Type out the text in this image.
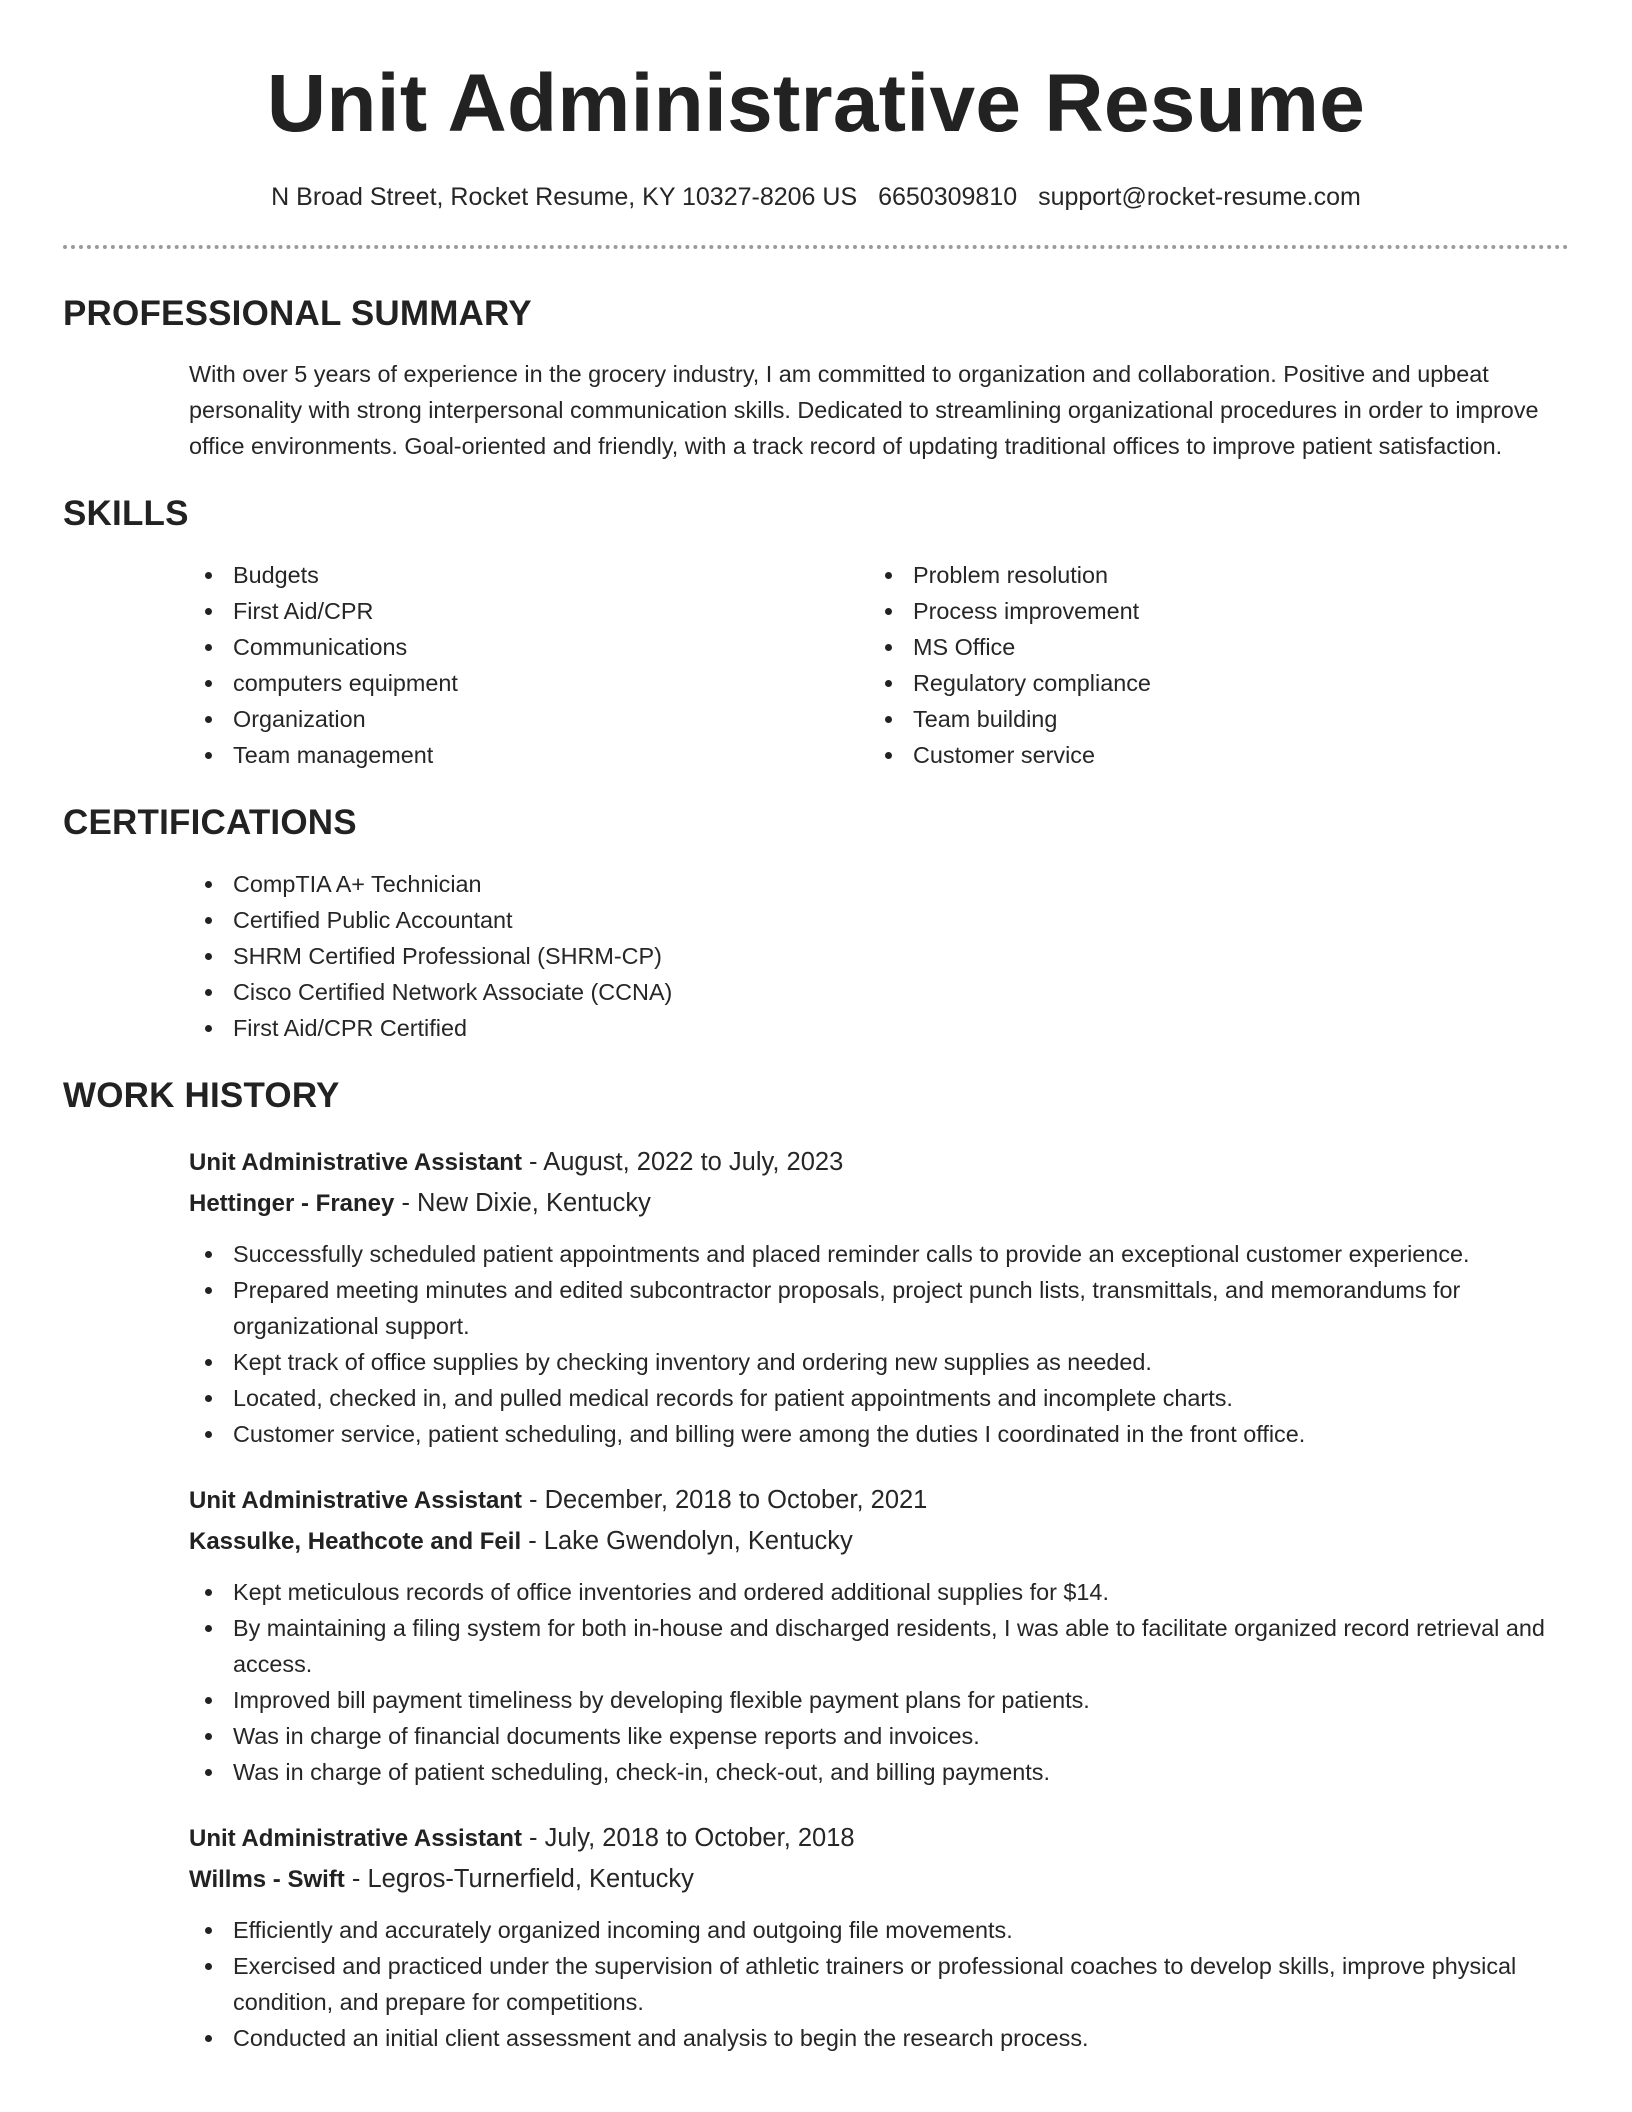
Unit Administrative Resume
N Broad Street, Rocket Resume, KY 10327-8206 US 6650309810 support@rocket-resume.com
PROFESSIONAL SUMMARY

With over 5 years of experience in the grocery industry, I am committed to organization and collaboration. Positive and upbeat personality with strong interpersonal communication skills. Dedicated to streamlining organizational procedures in order to improve office environments. Goal-oriented and friendly, with a track record of updating traditional offices to improve patient satisfaction.

SKILLS
Budgets
First Aid/CPR
Communications
computers equipment
Organization
Team management
Problem resolution
Process improvement
MS Office
Regulatory compliance
Team building
Customer service
CERTIFICATIONS
CompTIA A+ Technician
Certified Public Accountant
SHRM Certified Professional (SHRM-CP)
Cisco Certified Network Associate (CCNA)
First Aid/CPR Certified
WORK HISTORY
Unit Administrative Assistant - August, 2022 to July, 2023
Hettinger - Franey - New Dixie, Kentucky
Successfully scheduled patient appointments and placed reminder calls to provide an exceptional customer experience.
Prepared meeting minutes and edited subcontractor proposals, project punch lists, transmittals, and memorandums for organizational support.
Kept track of office supplies by checking inventory and ordering new supplies as needed.
Located, checked in, and pulled medical records for patient appointments and incomplete charts.
Customer service, patient scheduling, and billing were among the duties I coordinated in the front office.
Unit Administrative Assistant - December, 2018 to October, 2021
Kassulke, Heathcote and Feil - Lake Gwendolyn, Kentucky
Kept meticulous records of office inventories and ordered additional supplies for $14.
By maintaining a filing system for both in-house and discharged residents, I was able to facilitate organized record retrieval and access.
Improved bill payment timeliness by developing flexible payment plans for patients.
Was in charge of financial documents like expense reports and invoices.
Was in charge of patient scheduling, check-in, check-out, and billing payments.
Unit Administrative Assistant - July, 2018 to October, 2018
Willms - Swift - Legros-Turnerfield, Kentucky
Efficiently and accurately organized incoming and outgoing file movements.
Exercised and practiced under the supervision of athletic trainers or professional coaches to develop skills, improve physical condition, and prepare for competitions.
Conducted an initial client assessment and analysis to begin the research process.
